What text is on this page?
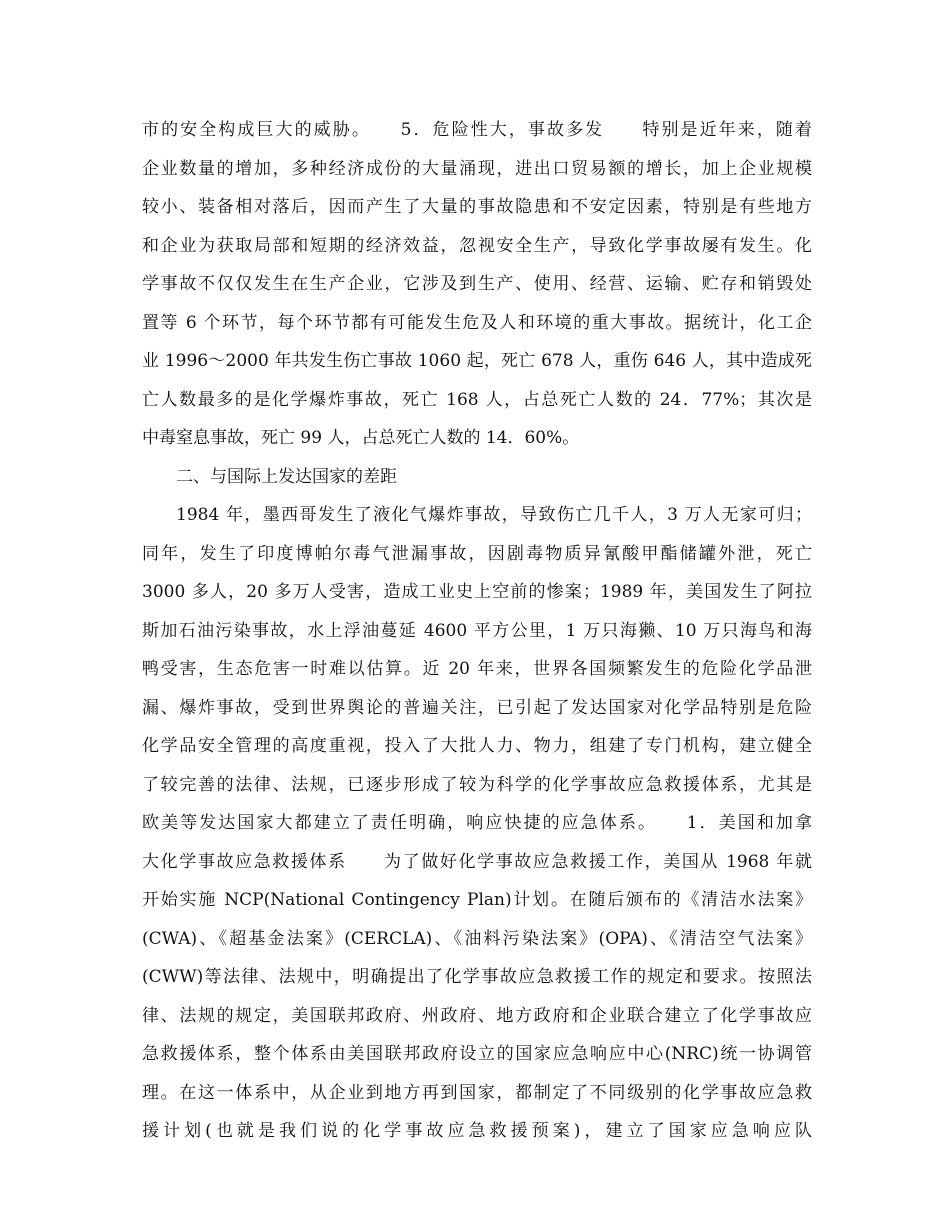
市的安全构成巨大的威胁。　　5．危险性大，事故多发　　特别是近年来，随着
企业数量的增加，多种经济成份的大量涌现，进出口贸易额的增长，加上企业规模
较小、装备相对落后，因而产生了大量的事故隐患和不安定因素，特别是有些地方
和企业为获取局部和短期的经济效益，忽视安全生产，导致化学事故屡有发生。化
学事故不仅仅发生在生产企业，它涉及到生产、使用、经营、运输、贮存和销毁处
置等 6 个环节，每个环节都有可能发生危及人和环境的重大事故。据统计，化工企
业 1996～2000 年共发生伤亡事故 1060 起，死亡 678 人，重伤 646 人，其中造成死
亡人数最多的是化学爆炸事故，死亡 168 人，占总死亡人数的 24．77%；其次是
中毒窒息事故，死亡 99 人，占总死亡人数的 14．60%。
二、与国际上发达国家的差距
1984 年，墨西哥发生了液化气爆炸事故，导致伤亡几千人，3 万人无家可归；
同年，发生了印度博帕尔毒气泄漏事故，因剧毒物质异氰酸甲酯储罐外泄，死亡
3000 多人，20 多万人受害，造成工业史上空前的惨案；1989 年，美国发生了阿拉
斯加石油污染事故，水上浮油蔓延 4600 平方公里，1 万只海獭、10 万只海鸟和海
鸭受害，生态危害一时难以估算。近 20 年来，世界各国频繁发生的危险化学品泄
漏、爆炸事故，受到世界舆论的普遍关注，已引起了发达国家对化学品特别是危险
化学品安全管理的高度重视，投入了大批人力、物力，组建了专门机构，建立健全
了较完善的法律、法规，已逐步形成了较为科学的化学事故应急救援体系，尤其是
欧美等发达国家大都建立了责任明确，响应快捷的应急体系。　　1．美国和加拿
大化学事故应急救援体系　　为了做好化学事故应急救援工作，美国从 1968 年就
开始实施 NCP(National Contingency Plan)计划。在随后颁布的《清洁水法案》
(CWA)、《超基金法案》(CERCLA)、《油料污染法案》(OPA)、《清洁空气法案》
(CWW)等法律、法规中，明确提出了化学事故应急救援工作的规定和要求。按照法
律、法规的规定，美国联邦政府、州政府、地方政府和企业联合建立了化学事故应
急救援体系，整个体系由美国联邦政府设立的国家应急响应中心(NRC)统一协调管
理。在这一体系中，从企业到地方再到国家，都制定了不同级别的化学事故应急救
援计划(也就是我们说的化学事故应急救援预案)，建立了国家应急响应队
